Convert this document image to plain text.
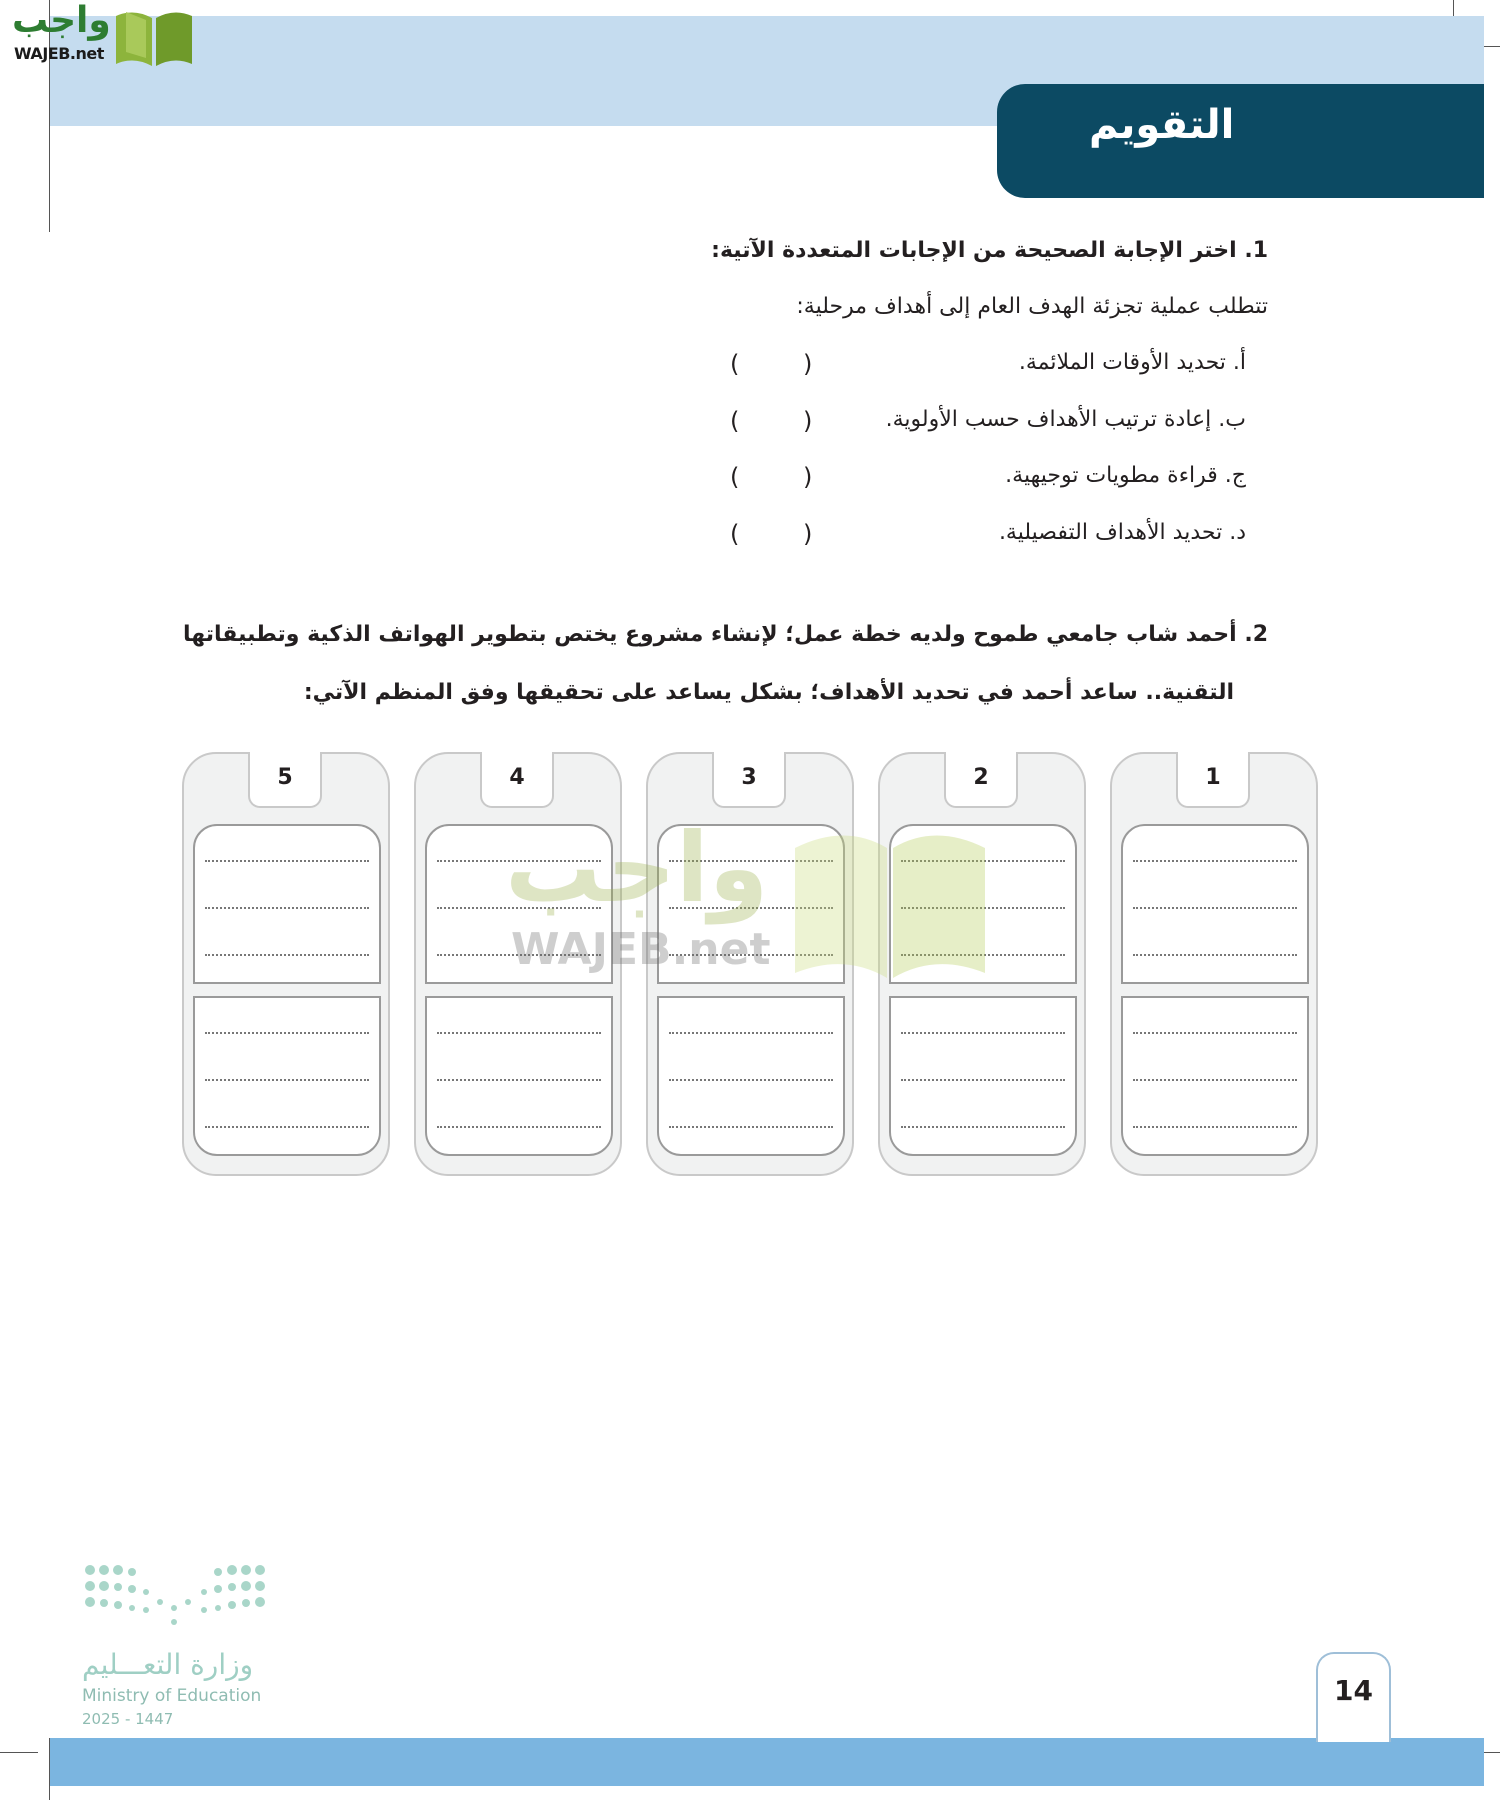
واجب
WAJEB.net
التقويم
1. اختر الإجابة الصحيحة من الإجابات المتعددة الآتية:
تتطلب عملية تجزئة الهدف العام إلى أهداف مرحلية:
أ. تحديد الأوقات الملائمة.
( )
ب. إعادة ترتيب الأهداف حسب الأولوية.
( )
ج. قراءة مطويات توجيهية.
( )
د. تحديد الأهداف التفصيلية.
( )
2. أحمد شاب جامعي طموح ولديه خطة عمل؛ لإنشاء مشروع يختص بتطوير الهواتف الذكية وتطبيقاتها
التقنية.. ساعد أحمد في تحديد الأهداف؛ بشكل يساعد على تحقيقها وفق المنظم الآتي:
1
2
3
4
5
واجب
WAJEB.net
وزارة التعـــليم
Ministry of Education
2025 - 1447
14
